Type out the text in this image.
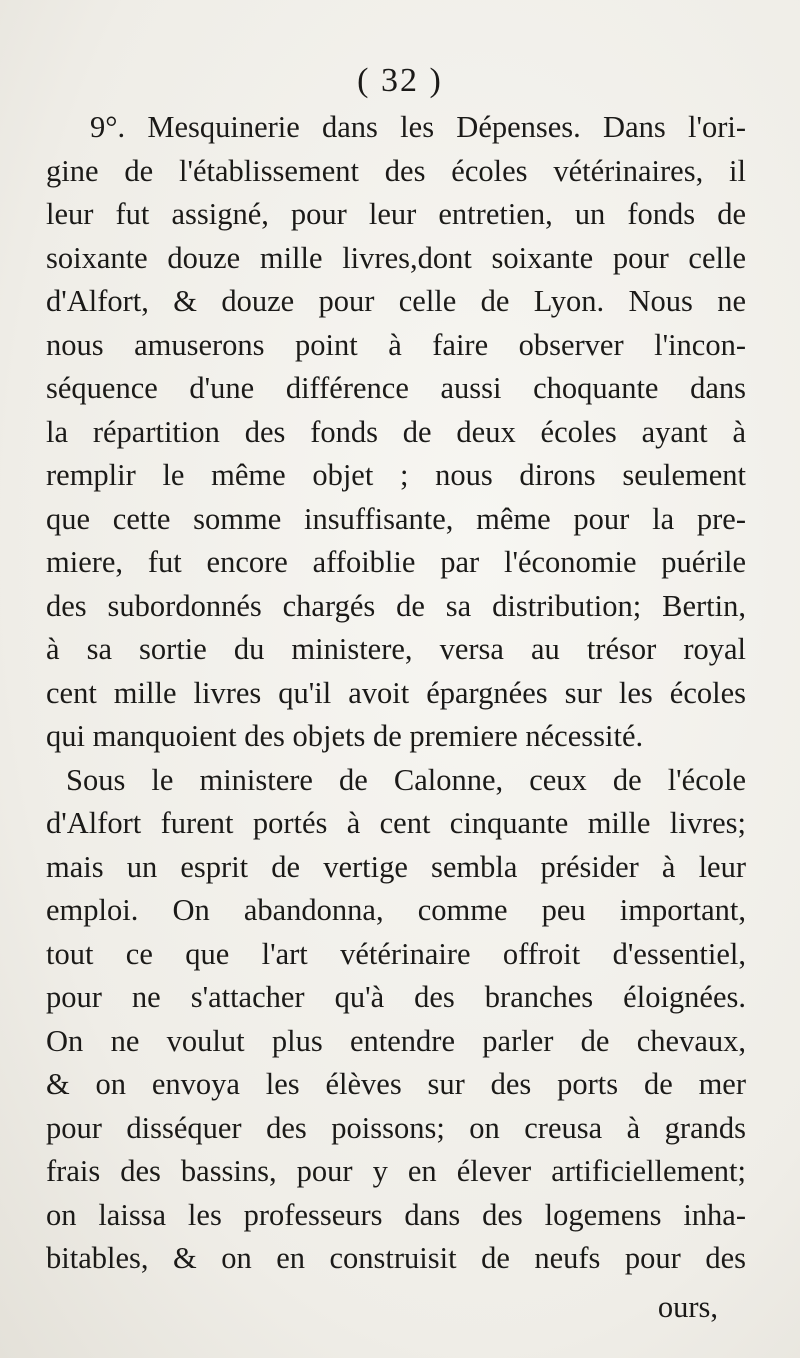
( 32 )
9°. Mesquinerie dans les Dépenses. Dans l'ori-
gine de l'établissement des écoles vétérinaires, il
leur fut assigné, pour leur entretien, un fonds de
soixante douze mille livres,dont soixante pour celle
d'Alfort, & douze pour celle de Lyon. Nous ne
nous amuserons point à faire observer l'incon-
séquence d'une différence aussi choquante dans
la répartition des fonds de deux écoles ayant à
remplir le même objet ; nous dirons seulement
que cette somme insuffisante, même pour la pre-
miere, fut encore affoiblie par l'économie puérile
des subordonnés chargés de sa distribution; Bertin,
à sa sortie du ministere, versa au trésor royal
cent mille livres qu'il avoit épargnées sur les écoles
qui manquoient des objets de premiere nécessité.
Sous le ministere de Calonne, ceux de l'école
d'Alfort furent portés à cent cinquante mille livres;
mais un esprit de vertige sembla présider à leur
emploi. On abandonna, comme peu important,
tout ce que l'art vétérinaire offroit d'essentiel,
pour ne s'attacher qu'à des branches éloignées.
On ne voulut plus entendre parler de chevaux,
& on envoya les élèves sur des ports de mer
pour disséquer des poissons; on creusa à grands
frais des bassins, pour y en élever artificiellement;
on laissa les professeurs dans des logemens inha-
bitables, & on en construisit de neufs pour des
ours,
